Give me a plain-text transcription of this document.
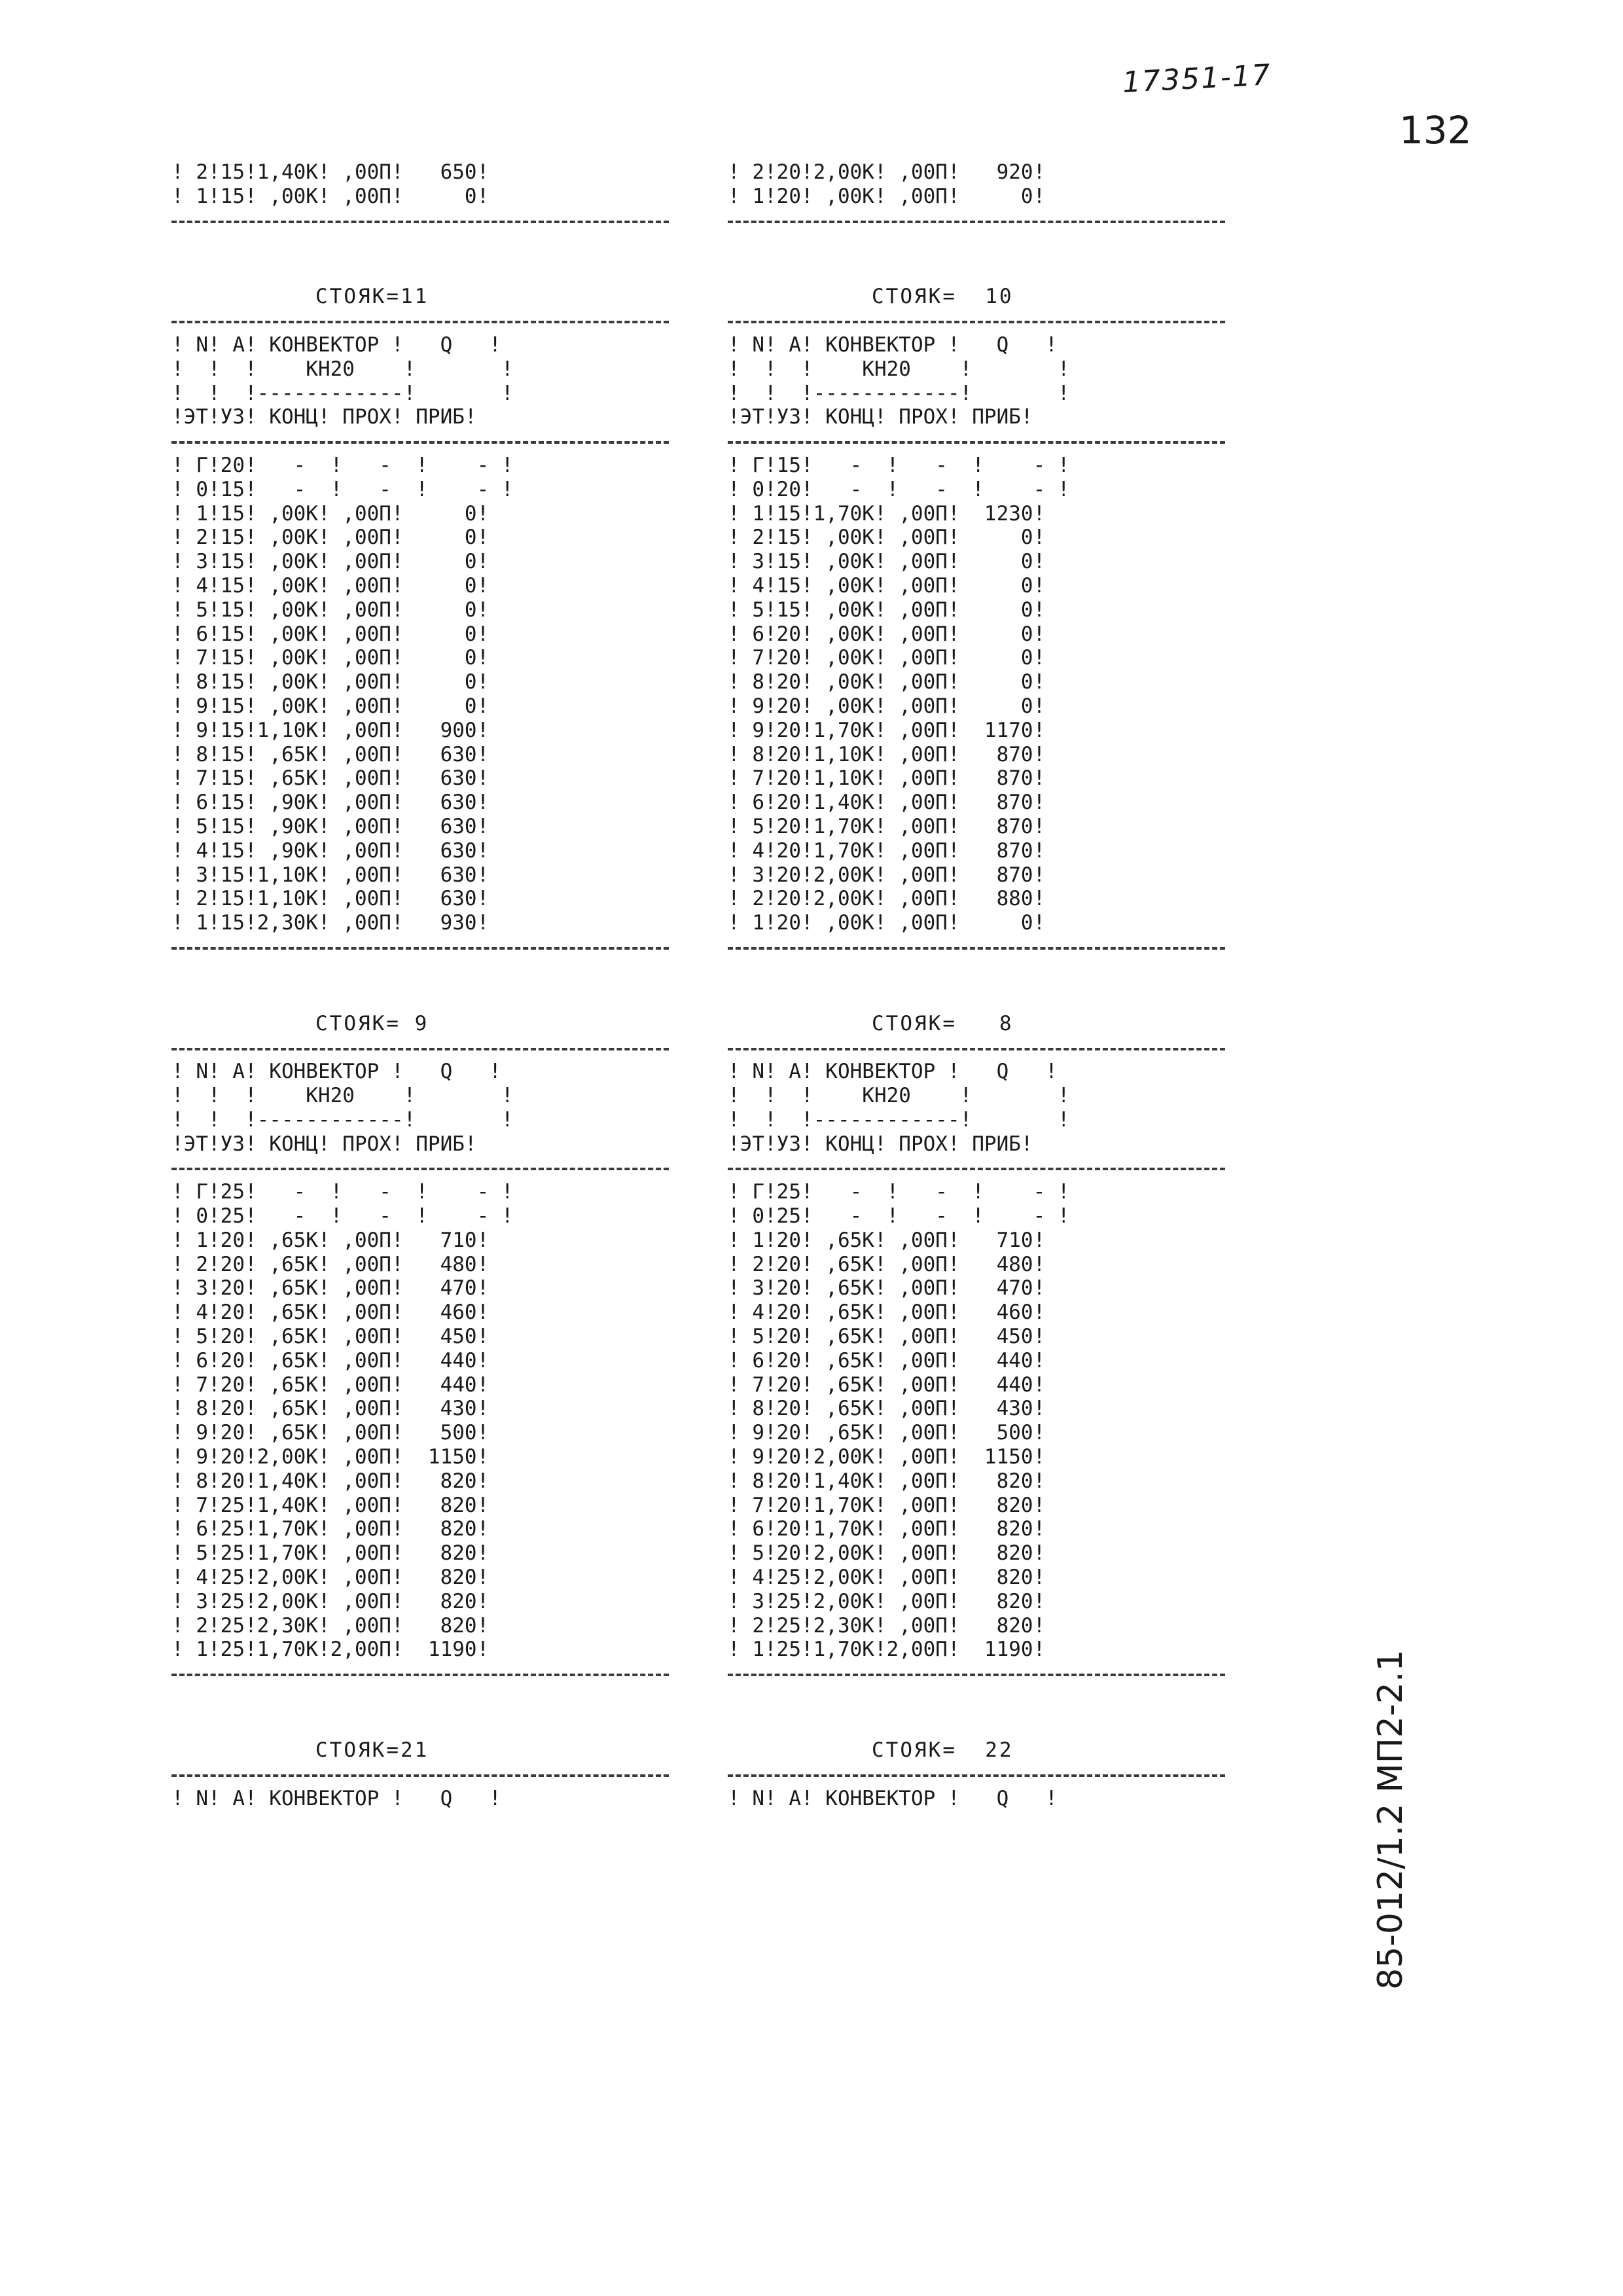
17351-17
132
85-012/1.2 МП2-2.1
! 2!15!1,40К! ,00П!   650!
! 1!15! ,00К! ,00П!     0!
СТОЯК=11
! N! А! КОНВЕКТОР !   Q   !
!  !  !    КН20    !       !
!  !  !------------!       !
!ЭТ!УЗ! КОНЦ! ПРОХ! ПРИБ!
! Г!20!   -  !   -  !    - !
! 0!15!   -  !   -  !    - !
! 1!15! ,00К! ,00П!     0!
! 2!15! ,00К! ,00П!     0!
! 3!15! ,00К! ,00П!     0!
! 4!15! ,00К! ,00П!     0!
! 5!15! ,00К! ,00П!     0!
! 6!15! ,00К! ,00П!     0!
! 7!15! ,00К! ,00П!     0!
! 8!15! ,00К! ,00П!     0!
! 9!15! ,00К! ,00П!     0!
! 9!15!1,10К! ,00П!   900!
! 8!15! ,65К! ,00П!   630!
! 7!15! ,65К! ,00П!   630!
! 6!15! ,90К! ,00П!   630!
! 5!15! ,90К! ,00П!   630!
! 4!15! ,90К! ,00П!   630!
! 3!15!1,10К! ,00П!   630!
! 2!15!1,10К! ,00П!   630!
! 1!15!2,30К! ,00П!   930!
СТОЯК= 9
! N! А! КОНВЕКТОР !   Q   !
!  !  !    КН20    !       !
!  !  !------------!       !
!ЭТ!УЗ! КОНЦ! ПРОХ! ПРИБ!
! Г!25!   -  !   -  !    - !
! 0!25!   -  !   -  !    - !
! 1!20! ,65К! ,00П!   710!
! 2!20! ,65К! ,00П!   480!
! 3!20! ,65К! ,00П!   470!
! 4!20! ,65К! ,00П!   460!
! 5!20! ,65К! ,00П!   450!
! 6!20! ,65К! ,00П!   440!
! 7!20! ,65К! ,00П!   440!
! 8!20! ,65К! ,00П!   430!
! 9!20! ,65К! ,00П!   500!
! 9!20!2,00К! ,00П!  1150!
! 8!20!1,40К! ,00П!   820!
! 7!25!1,40К! ,00П!   820!
! 6!25!1,70К! ,00П!   820!
! 5!25!1,70К! ,00П!   820!
! 4!25!2,00К! ,00П!   820!
! 3!25!2,00К! ,00П!   820!
! 2!25!2,30К! ,00П!   820!
! 1!25!1,70К!2,00П!  1190!
СТОЯК=21
! N! А! КОНВЕКТОР !   Q   !
! 2!20!2,00К! ,00П!   920!
! 1!20! ,00К! ,00П!     0!
СТОЯК=  10
! N! А! КОНВЕКТОР !   Q   !
!  !  !    КН20    !       !
!  !  !------------!       !
!ЭТ!УЗ! КОНЦ! ПРОХ! ПРИБ!
! Г!15!   -  !   -  !    - !
! 0!20!   -  !   -  !    - !
! 1!15!1,70К! ,00П!  1230!
! 2!15! ,00К! ,00П!     0!
! 3!15! ,00К! ,00П!     0!
! 4!15! ,00К! ,00П!     0!
! 5!15! ,00К! ,00П!     0!
! 6!20! ,00К! ,00П!     0!
! 7!20! ,00К! ,00П!     0!
! 8!20! ,00К! ,00П!     0!
! 9!20! ,00К! ,00П!     0!
! 9!20!1,70К! ,00П!  1170!
! 8!20!1,10К! ,00П!   870!
! 7!20!1,10К! ,00П!   870!
! 6!20!1,40К! ,00П!   870!
! 5!20!1,70К! ,00П!   870!
! 4!20!1,70К! ,00П!   870!
! 3!20!2,00К! ,00П!   870!
! 2!20!2,00К! ,00П!   880!
! 1!20! ,00К! ,00П!     0!
СТОЯК=   8
! N! А! КОНВЕКТОР !   Q   !
!  !  !    КН20    !       !
!  !  !------------!       !
!ЭТ!УЗ! КОНЦ! ПРОХ! ПРИБ!
! Г!25!   -  !   -  !    - !
! 0!25!   -  !   -  !    - !
! 1!20! ,65К! ,00П!   710!
! 2!20! ,65К! ,00П!   480!
! 3!20! ,65К! ,00П!   470!
! 4!20! ,65К! ,00П!   460!
! 5!20! ,65К! ,00П!   450!
! 6!20! ,65К! ,00П!   440!
! 7!20! ,65К! ,00П!   440!
! 8!20! ,65К! ,00П!   430!
! 9!20! ,65К! ,00П!   500!
! 9!20!2,00К! ,00П!  1150!
! 8!20!1,40К! ,00П!   820!
! 7!20!1,70К! ,00П!   820!
! 6!20!1,70К! ,00П!   820!
! 5!20!2,00К! ,00П!   820!
! 4!25!2,00К! ,00П!   820!
! 3!25!2,00К! ,00П!   820!
! 2!25!2,30К! ,00П!   820!
! 1!25!1,70К!2,00П!  1190!
СТОЯК=  22
! N! А! КОНВЕКТОР !   Q   !
